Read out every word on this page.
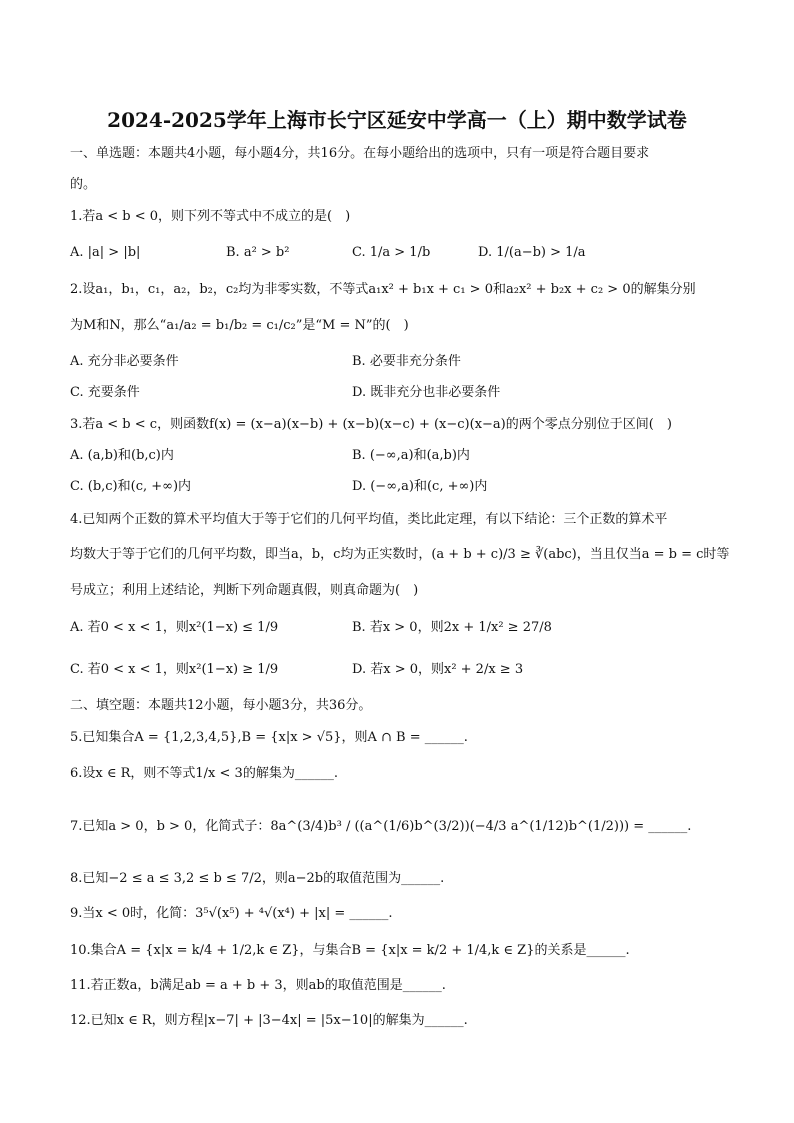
2024-2025学年上海市长宁区延安中学高一（上）期中数学试卷
一、单选题：本题共4小题，每小题4分，共16分。在每小题给出的选项中，只有一项是符合题目要求
的。
1.若a < b < 0，则下列不等式中不成立的是(　)
A. |a| > |b|	B. a² > b²	C. 1/a > 1/b	D. 1/(a−b) > 1/a
2.设a₁，b₁，c₁，a₂，b₂，c₂均为非零实数，不等式a₁x² + b₁x + c₁ > 0和a₂x² + b₂x + c₂ > 0的解集分别
为M和N，那么“a₁/a₂ = b₁/b₂ = c₁/c₂”是“M = N”的(　)
A. 充分非必要条件	B. 必要非充分条件
C. 充要条件	D. 既非充分也非必要条件
3.若a < b < c，则函数f(x) = (x−a)(x−b) + (x−b)(x−c) + (x−c)(x−a)的两个零点分别位于区间(　)
A. (a,b)和(b,c)内	B. (−∞,a)和(a,b)内
C. (b,c)和(c, +∞)内	D. (−∞,a)和(c, +∞)内
4.已知两个正数的算术平均值大于等于它们的几何平均值，类比此定理，有以下结论：三个正数的算术平
均数大于等于它们的几何平均数，即当a，b，c均为正实数时，(a + b + c)/3 ≥ ∛(abc)，当且仅当a = b = c时等
号成立；利用上述结论，判断下列命题真假，则真命题为(　)
A. 若0 < x < 1，则x²(1−x) ≤ 1/9	B. 若x > 0，则2x + 1/x² ≥ 27/8
C. 若0 < x < 1，则x²(1−x) ≥ 1/9	D. 若x > 0，则x² + 2/x ≥ 3
二、填空题：本题共12小题，每小题3分，共36分。
5.已知集合A = {1,2,3,4,5},B = {x|x > √5}，则A ∩ B = ______.
6.设x ∈ R，则不等式1/x < 3的解集为______.
7.已知a > 0，b > 0，化简式子：8a^(3/4)b³ / ((a^(1/6)b^(3/2))(−4/3 a^(1/12)b^(1/2))) = ______.
8.已知−2 ≤ a ≤ 3,2 ≤ b ≤ 7/2，则a−2b的取值范围为______.
9.当x < 0时，化简：3⁵√(x⁵) + ⁴√(x⁴) + |x| = ______.
10.集合A = {x|x = k/4 + 1/2,k ∈ Z}，与集合B = {x|x = k/2 + 1/4,k ∈ Z}的关系是______.
11.若正数a，b满足ab = a + b + 3，则ab的取值范围是______.
12.已知x ∈ R，则方程|x−7| + |3−4x| = |5x−10|的解集为______.
